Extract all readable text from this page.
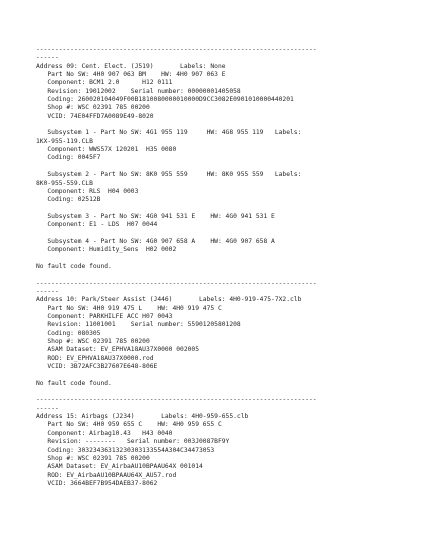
--------------------------------------------------------------------------
------
Address 09: Cent. Elect. (J519)       Labels: None
Part No SW: 4H0 907 063 BM    HW: 4H0 907 063 E
Component: BCM1 2.0      H12 0111
Revision: 19012002    Serial number: 00000001405058
Coding: 260020104049F00B1810080000010000D9CC3082E0901010000440201
Shop #: WSC 02391 785 00200
VCID: 74E04FFD7A0089E49-8020
Subsystem 1 - Part No SW: 4G1 955 119     HW: 4G8 955 119   Labels:
1KX-955-119.CLB
Component: WWS57X 120201  H35 0080
Coding: 0045F7
Subsystem 2 - Part No SW: 8K0 955 559     HW: 8K0 955 559   Labels:
8K0-955-559.CLB
Component: RLS  H04 0003
Coding: 02512B
Subsystem 3 - Part No SW: 4G0 941 531 E    HW: 4G0 941 531 E
Component: E1 - LDS  H07 0044
Subsystem 4 - Part No SW: 4G0 907 658 A    HW: 4G0 907 658 A
Component: Humidity_Sens  H02 0002
No fault code found.
--------------------------------------------------------------------------
------
Address 10: Park/Steer Assist (J446)       Labels: 4H0-919-475-7X2.clb
Part No SW: 4H0 919 475 L    HW: 4H0 919 475 C
Component: PARKHILFE ACC H07 0043
Revision: 11001001    Serial number: 55901205801208
Coding: 080305
Shop #: WSC 02391 785 00200
ASAM Dataset: EV_EPHVA18AU37X0000 002005
ROD: EV_EPHVA18AU37X0000.rod
VCID: 3B72AFC3B27607E648-806E
No fault code found.
--------------------------------------------------------------------------
------
Address 15: Airbags (J234)       Labels: 4H0-959-655.clb
Part No SW: 4H0 959 655 C    HW: 4H0 959 655 C
Component: Airbag10.43   H43 0040
Revision: --------   Serial number: 003J0087BF9Y
Coding: 30323436313230303133554A304C34473053
Shop #: WSC 02391 785 00200
ASAM Dataset: EV_AirbaAU10BPAAU64X 001014
ROD: EV_AirbaAU10BPAAU64X_AU57.rod
VCID: 3664BEF7B954DAEB37-8062
